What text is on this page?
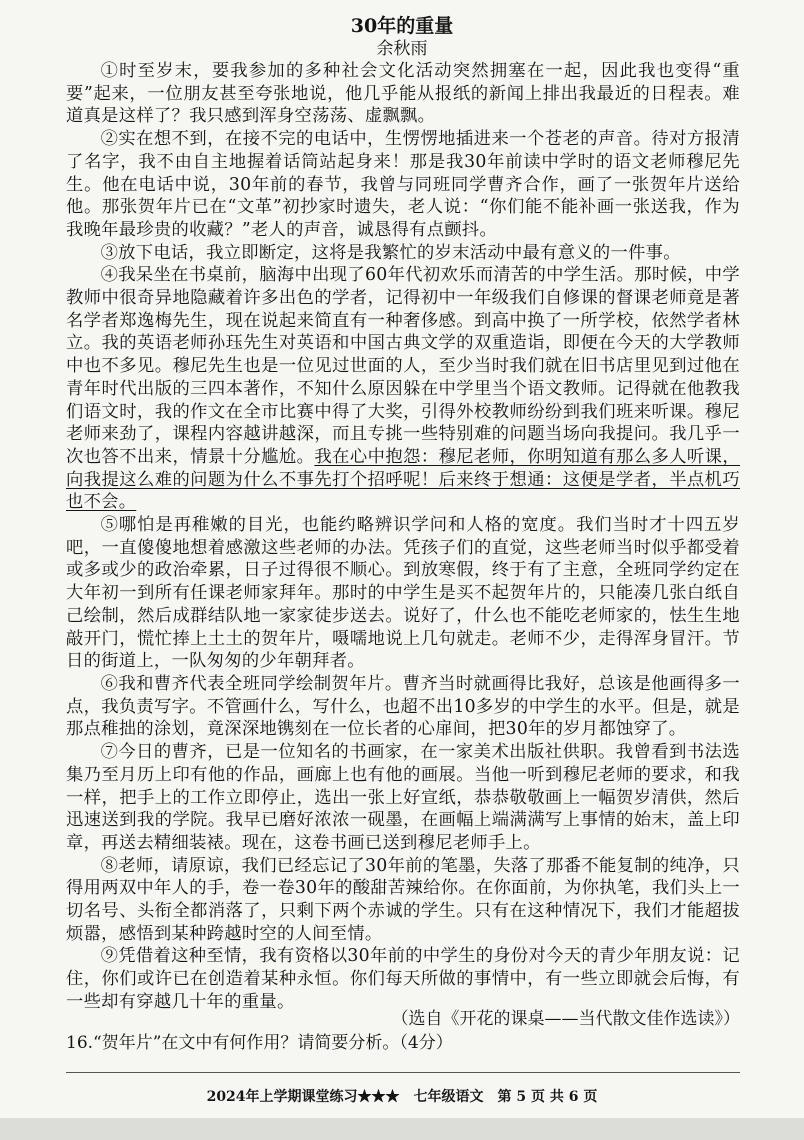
30年的重量

余秋雨

①时至岁末，要我参加的多种社会文化活动突然拥塞在一起，因此我也变得“重要”起来，一位朋友甚至夸张地说，他几乎能从报纸的新闻上排出我最近的日程表。难道真是这样了？我只感到浑身空荡荡、虚飘飘。

②实在想不到，在接不完的电话中，生愣愣地插进来一个苍老的声音。待对方报清了名字，我不由自主地握着话筒站起身来！那是我30年前读中学时的语文老师穆尼先生。他在电话中说，30年前的春节，我曾与同班同学曹齐合作，画了一张贺年片送给他。那张贺年片已在“文革”初抄家时遗失，老人说：“你们能不能补画一张送我，作为我晚年最珍贵的收藏？”老人的声音，诚恳得有点颤抖。

③放下电话，我立即断定，这将是我繁忙的岁末活动中最有意义的一件事。

④我呆坐在书桌前，脑海中出现了60年代初欢乐而清苦的中学生活。那时候，中学教师中很奇异地隐藏着许多出色的学者，记得初中一年级我们自修课的督课老师竟是著名学者郑逸梅先生，现在说起来简直有一种奢侈感。到高中换了一所学校，依然学者林立。我的英语老师孙珏先生对英语和中国古典文学的双重造诣，即便在今天的大学教师中也不多见。穆尼先生也是一位见过世面的人，至少当时我们就在旧书店里见到过他在青年时代出版的三四本著作，不知什么原因躲在中学里当个语文教师。记得就在他教我们语文时，我的作文在全市比赛中得了大奖，引得外校教师纷纷到我们班来听课。穆尼老师来劲了，课程内容越讲越深，而且专挑一些特别难的问题当场向我提问。我几乎一次也答不出来，情景十分尴尬。我在心中抱怨：穆尼老师，你明知道有那么多人听课，向我提这么难的问题为什么不事先打个招呼呢！后来终于想通：这便是学者，半点机巧也不会。

⑤哪怕是再稚嫩的目光，也能约略辨识学问和人格的宽度。我们当时才十四五岁吧，一直傻傻地想着感激这些老师的办法。凭孩子们的直觉，这些老师当时似乎都受着或多或少的政治牵累，日子过得很不顺心。到放寒假，终于有了主意，全班同学约定在大年初一到所有任课老师家拜年。那时的中学生是买不起贺年片的，只能凑几张白纸自己绘制，然后成群结队地一家家徒步送去。说好了，什么也不能吃老师家的，怯生生地敲开门，慌忙捧上土土的贺年片，嗫嚅地说上几句就走。老师不少，走得浑身冒汗。节日的街道上，一队匆匆的少年朝拜者。

⑥我和曹齐代表全班同学绘制贺年片。曹齐当时就画得比我好，总该是他画得多一点，我负责写字。不管画什么，写什么，也超不出10多岁的中学生的水平。但是，就是那点稚拙的涂划，竟深深地镌刻在一位长者的心扉间，把30年的岁月都蚀穿了。

⑦今日的曹齐，已是一位知名的书画家，在一家美术出版社供职。我曾看到书法选集乃至月历上印有他的作品，画廊上也有他的画展。当他一听到穆尼老师的要求，和我一样，把手上的工作立即停止，选出一张上好宣纸，恭恭敬敬画上一幅贺岁清供，然后迅速送到我的学院。我早已磨好浓浓一砚墨，在画幅上端满满写上事情的始末，盖上印章，再送去精细装裱。现在，这卷书画已送到穆尼老师手上。

⑧老师，请原谅，我们已经忘记了30年前的笔墨，失落了那番不能复制的纯净，只得用两双中年人的手，卷一卷30年的酸甜苦辣给你。在你面前，为你执笔，我们头上一切名号、头衔全都消落了，只剩下两个赤诚的学生。只有在这种情况下，我们才能超拔烦嚣，感悟到某种跨越时空的人间至情。

⑨凭借着这种至情，我有资格以30年前的中学生的身份对今天的青少年朋友说：记住，你们或许已在创造着某种永恒。你们每天所做的事情中，有一些立即就会后悔，有一些却有穿越几十年的重量。

（选自《开花的课桌——当代散文佳作选读》）

16.“贺年片”在文中有何作用？请简要分析。（4分）

2024年上学期课堂练习★★★　七年级语文　第 5 页 共 6 页
